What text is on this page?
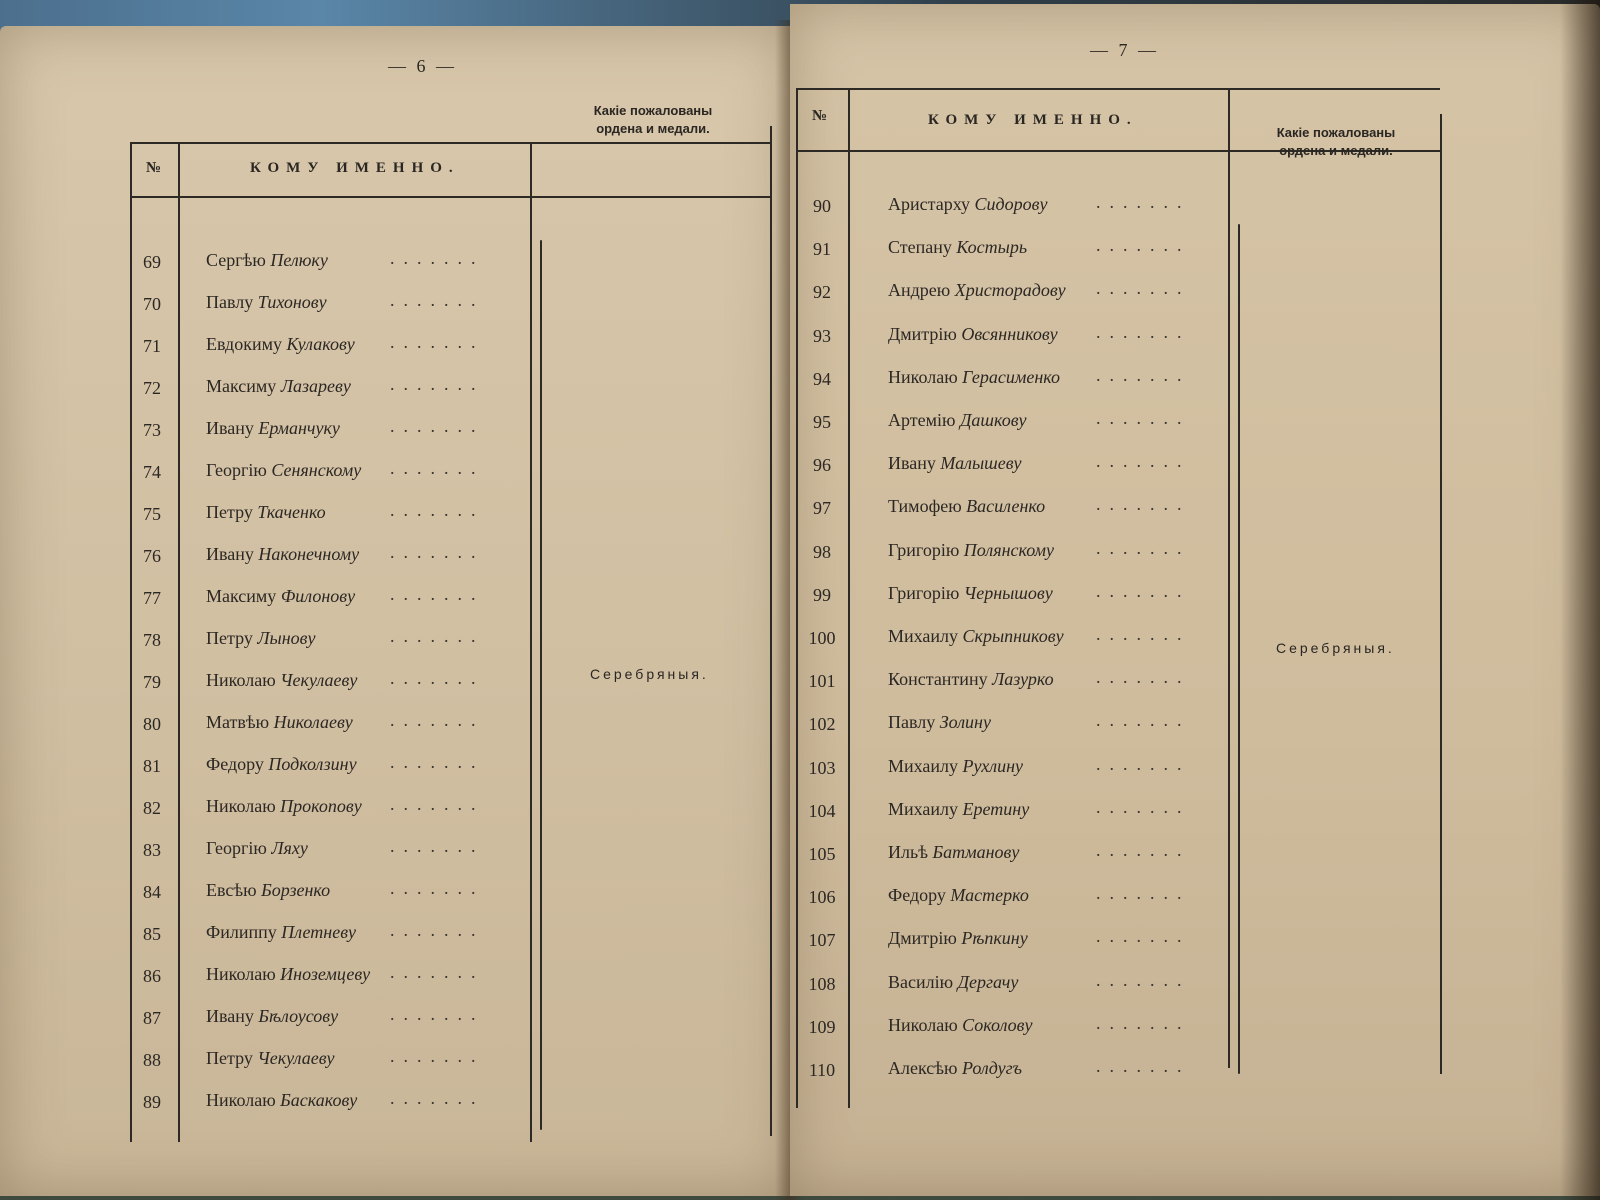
— 6 —
№	КОМУ ИМЕННО.
Какіе пожалованы
ордена и медали.
69	Сергѣю Пелюку	.......
70	Павлу Тихонову	.......
71	Евдокиму Кулакову .......
72	Максиму Лазареву .......
73	Ивану Ерманчуку	.......
74	Георгію Сенянскому .......
75	Петру Ткаченко	.......
76	Ивану Наконечному .......
77	Максиму Филонову .......
78	Петру Лынову	.......
79	Николаю Чекулаеву .......
80	Матвѣю Николаеву .......
81	Федору Подколзину .......
82	Николаю Прокопову .......
83	Георгію Ляху	.......
84	Евсѣю Борзенко	.......
85	Филиппу Плетневу .......
86	Николаю Иноземцеву .......
87	Ивану Бѣлоусову	.......
88	Петру Чекулаеву	.......
89	Николаю Баскакову .......
Серебряныя.
— 7 —
№	КОМУ ИМЕННО.
Какіе пожалованы
ордена и медали.
90	Аристарху Сидорову	.......
91	Степану Костырь	.......
92	Андрею Христорадову .......
93	Дмитрію Овсянникову .......
94	Николаю Герасименко .......
95	Артемію Дашкову	.......
96	Ивану Малышеву	.......
97	Тимофею Василенко	.......
98	Григорію Полянскому .......
99	Григорію Чернышову .......
100	Михаилу Скрыпникову .......
101	Константину Лазурко .......
102	Павлу Золину	.......
103	Михаилу Рухлину	.......
104	Михаилу Еретину	.......
105	Ильѣ Батманову	.......
106	Федору Мастерко	.......
107	Дмитрію Рѣпкину	.......
108	Василію Дергачу	.......
109	Николаю Соколову	.......
110	Алексѣю Ролдугъ	.......
Серебряныя.
